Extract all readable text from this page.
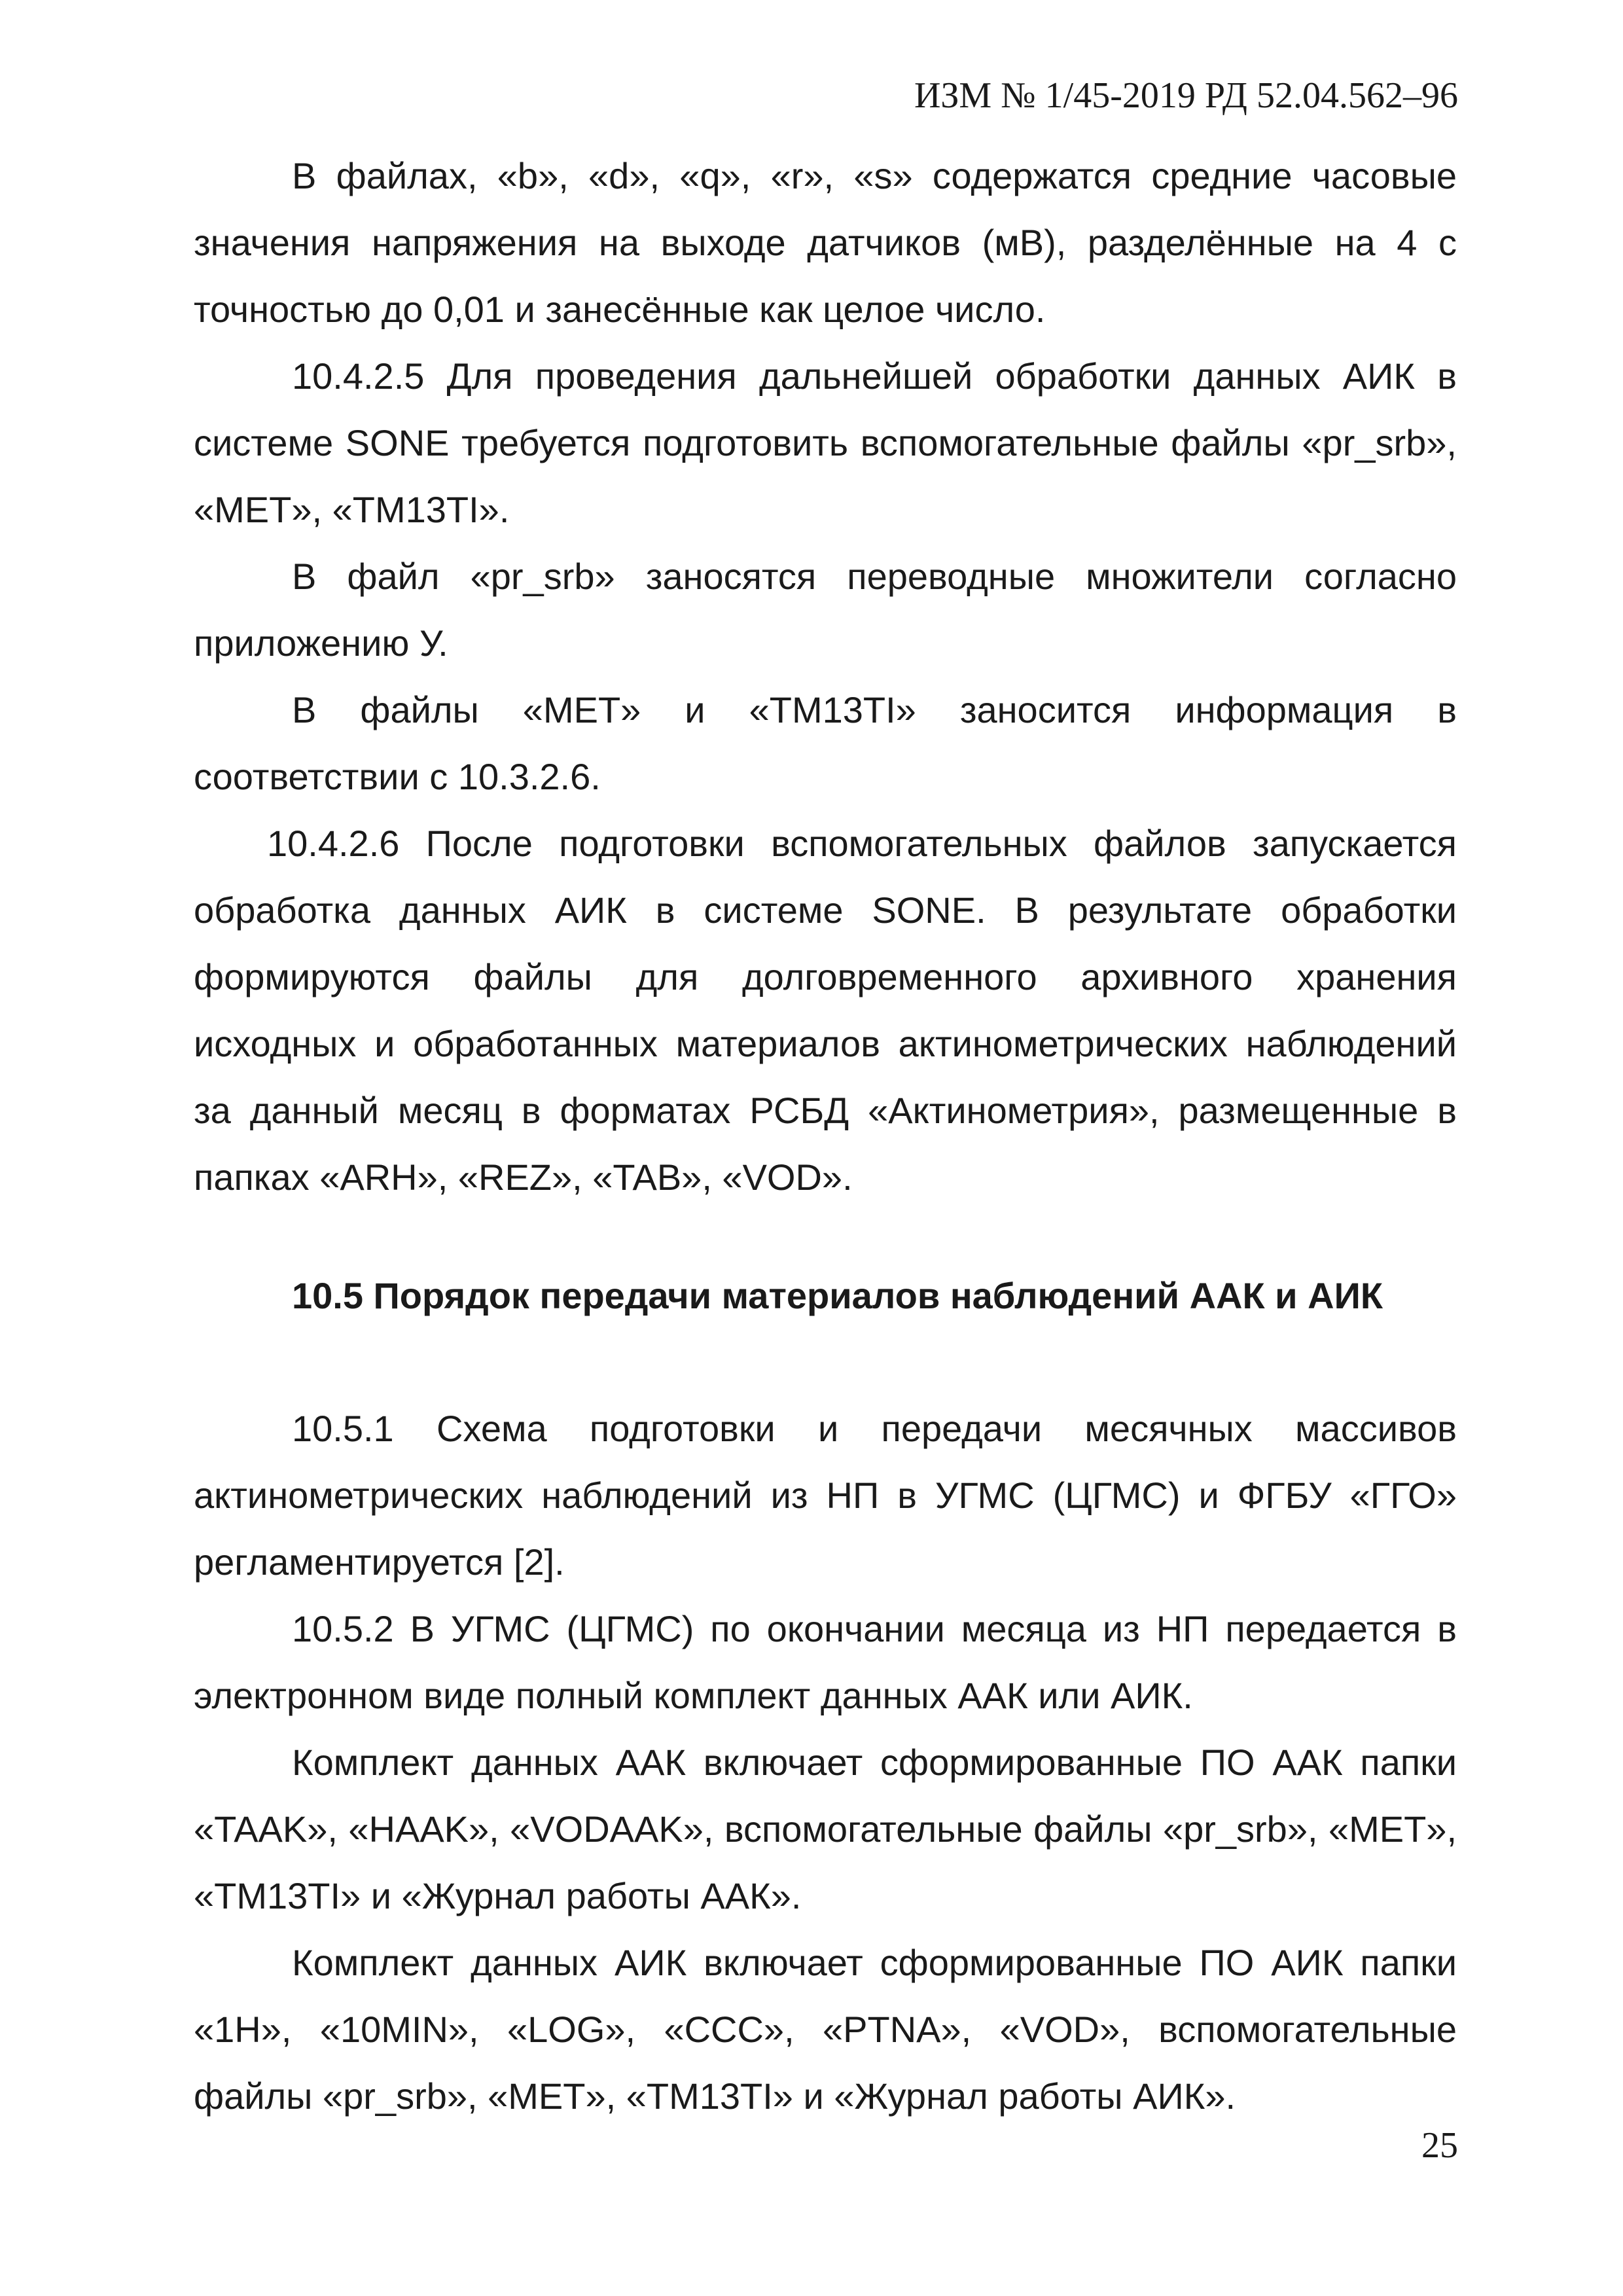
ИЗМ № 1/45-2019 РД 52.04.562–96

В файлах, «b», «d», «q», «r», «s» содержатся средние часовые значения напряжения на выходе датчиков (мВ), разделённые на 4 с точностью до 0,01 и занесённые как целое число.

10.4.2.5 Для проведения дальнейшей обработки данных АИК в системе SONE требуется подготовить вспомогательные файлы «pr_srb», «MET», «TM13TI».

В файл «pr_srb» заносятся переводные множители согласно приложению У.

В файлы «MET» и «TM13TI» заносится информация в соответствии с 10.3.2.6.

10.4.2.6 После подготовки вспомогательных файлов запускается обработка данных АИК в системе SONE. В результате обработки формируются файлы для долговременного архивного хранения исходных и обработанных материалов актинометрических наблюдений за данный месяц в форматах РСБД «Актинометрия», размещенные в папках «ARH», «REZ», «TAB», «VOD».

10.5 Порядок передачи материалов наблюдений ААК и АИК

10.5.1 Схема подготовки и передачи месячных массивов актинометрических наблюдений из НП в УГМС (ЦГМС) и ФГБУ «ГГО» регламентируется [2].

10.5.2 В УГМС (ЦГМС) по окончании месяца из НП передается в электронном виде полный комплект данных ААК или АИК.

Комплект данных ААК включает сформированные ПО ААК папки «TAAK», «HAAK», «VODAAK», вспомогательные файлы «pr_srb», «MET», «TM13TI» и «Журнал работы ААК».

Комплект данных АИК включает сформированные ПО АИК папки «1H», «10MIN», «LOG», «CCC», «PTNA», «VOD», вспомогательные файлы «pr_srb», «MET», «TM13TI» и «Журнал работы АИК».

25
